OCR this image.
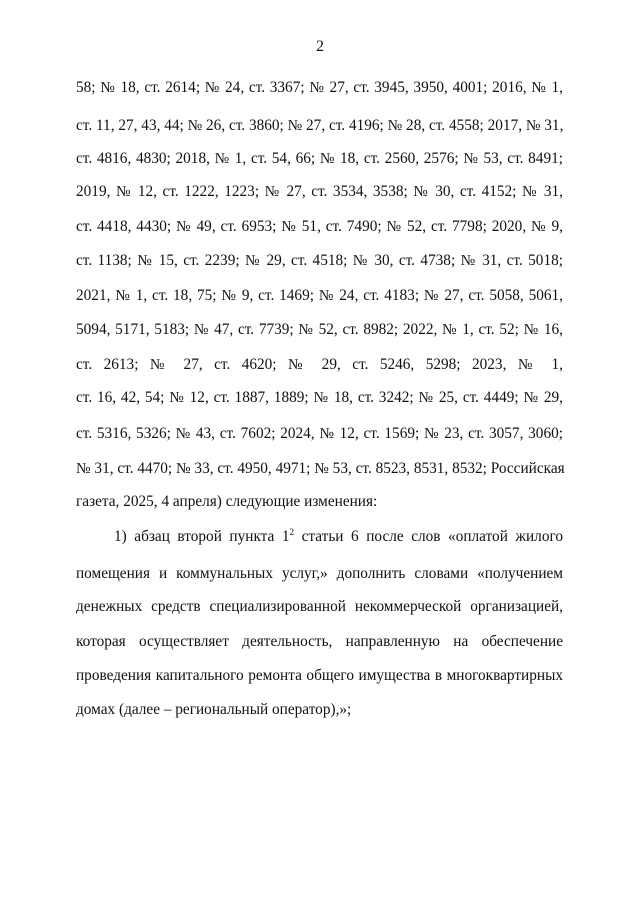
2
58; № 18, ст. 2614; № 24, ст. 3367; № 27, ст. 3945, 3950, 4001; 2016, № 1,
ст. 11, 27, 43, 44; № 26, ст. 3860; № 27, ст. 4196; № 28, ст. 4558; 2017, № 31,
ст. 4816, 4830; 2018, № 1, ст. 54, 66; № 18, ст. 2560, 2576; № 53, ст. 8491;
2019, № 12, ст. 1222, 1223; № 27, ст. 3534, 3538; № 30, ст. 4152; № 31,
ст. 4418, 4430; № 49, ст. 6953; № 51, ст. 7490; № 52, ст. 7798; 2020, № 9,
ст. 1138; № 15, ст. 2239; № 29, ст. 4518; № 30, ст. 4738; № 31, ст. 5018;
2021, № 1, ст. 18, 75; № 9, ст. 1469; № 24, ст. 4183; № 27, ст. 5058, 5061,
5094, 5171, 5183; № 47, ст. 7739; № 52, ст. 8982; 2022, № 1, ст. 52; № 16,
ст. 2613; № 27, ст. 4620; № 29, ст. 5246, 5298; 2023, № 1,
ст. 16, 42, 54; № 12, ст. 1887, 1889; № 18, ст. 3242; № 25, ст. 4449; № 29,
ст. 5316, 5326; № 43, ст. 7602; 2024, № 12, ст. 1569; № 23, ст. 3057, 3060;
№ 31, ст. 4470; № 33, ст. 4950, 4971; № 53, ст. 8523, 8531, 8532; Российская
газета, 2025, 4 апреля) следующие изменения:
1) абзац второй пункта $1^2$ статьи 6 после слов «оплатой жилого
помещения и коммунальных услуг,» дополнить словами «получением
денежных средств специализированной некоммерческой организацией,
которая осуществляет деятельность, направленную на обеспечение
проведения капитального ремонта общего имущества в многоквартирных
домах (далее – региональный оператор),»;
